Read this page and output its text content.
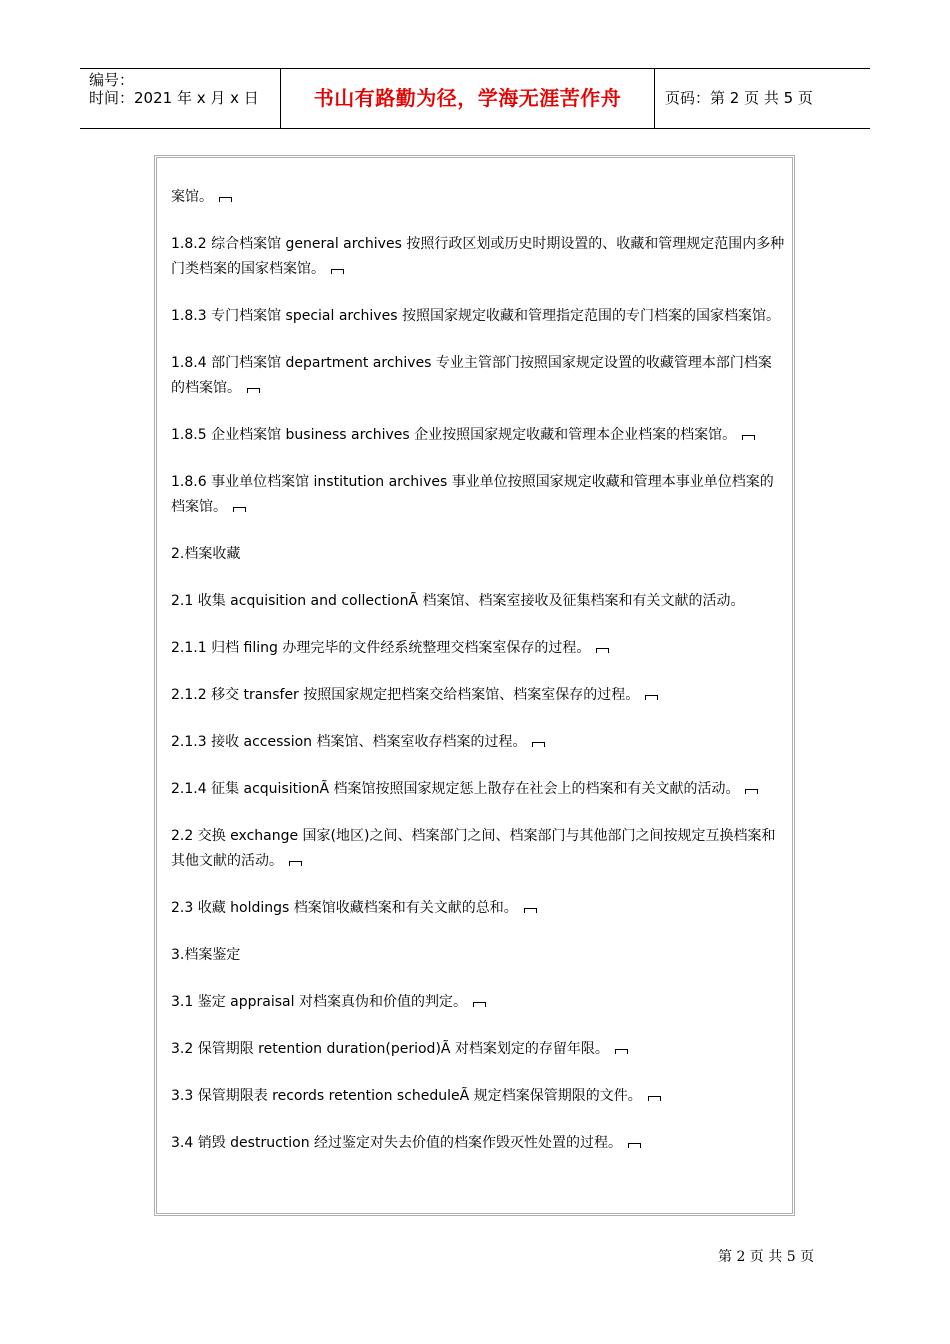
编号：
时间：2021 年 x 月 x 日	书山有路勤为径，学海无涯苦作舟	页码：第 2 页 共 5 页
案馆。
1.8.2 综合档案馆 general archives 按照行政区划或历史时期设置的、收藏和管理规定范围内多种门类档案的国家档案馆。
1.8.3 专门档案馆 special archives 按照国家规定收藏和管理指定范围的专门档案的国家档案馆。
1.8.4 部门档案馆 department archives 专业主管部门按照国家规定设置的收藏管理本部门档案的档案馆。
1.8.5 企业档案馆 business archives 企业按照国家规定收藏和管理本企业档案的档案馆。
1.8.6 事业单位档案馆 institution archives 事业单位按照国家规定收藏和管理本事业单位档案的档案馆。
2.档案收藏
2.1 收集 acquisition and collectionÃ 档案馆、档案室接收及征集档案和有关文献的活动。
2.1.1 归档 filing 办理完毕的文件经系统整理交档案室保存的过程。
2.1.2 移交 transfer 按照国家规定把档案交给档案馆、档案室保存的过程。
2.1.3 接收 accession 档案馆、档案室收存档案的过程。
2.1.4 征集 acquisitionÃ 档案馆按照国家规定惩上散存在社会上的档案和有关文献的活动。
2.2 交换 exchange 国家(地区)之间、档案部门之间、档案部门与其他部门之间按规定互换档案和其他文献的活动。
2.3 收藏 holdings 档案馆收藏档案和有关文献的总和。
3.档案鉴定
3.1 鉴定 appraisal 对档案真伪和价值的判定。
3.2 保管期限 retention duration(period)Ã 对档案划定的存留年限。
3.3 保管期限表 records retention scheduleÃ 规定档案保管期限的文件。
3.4 销毁 destruction 经过鉴定对失去价值的档案作毁灭性处置的过程。
第 2 页 共 5 页
